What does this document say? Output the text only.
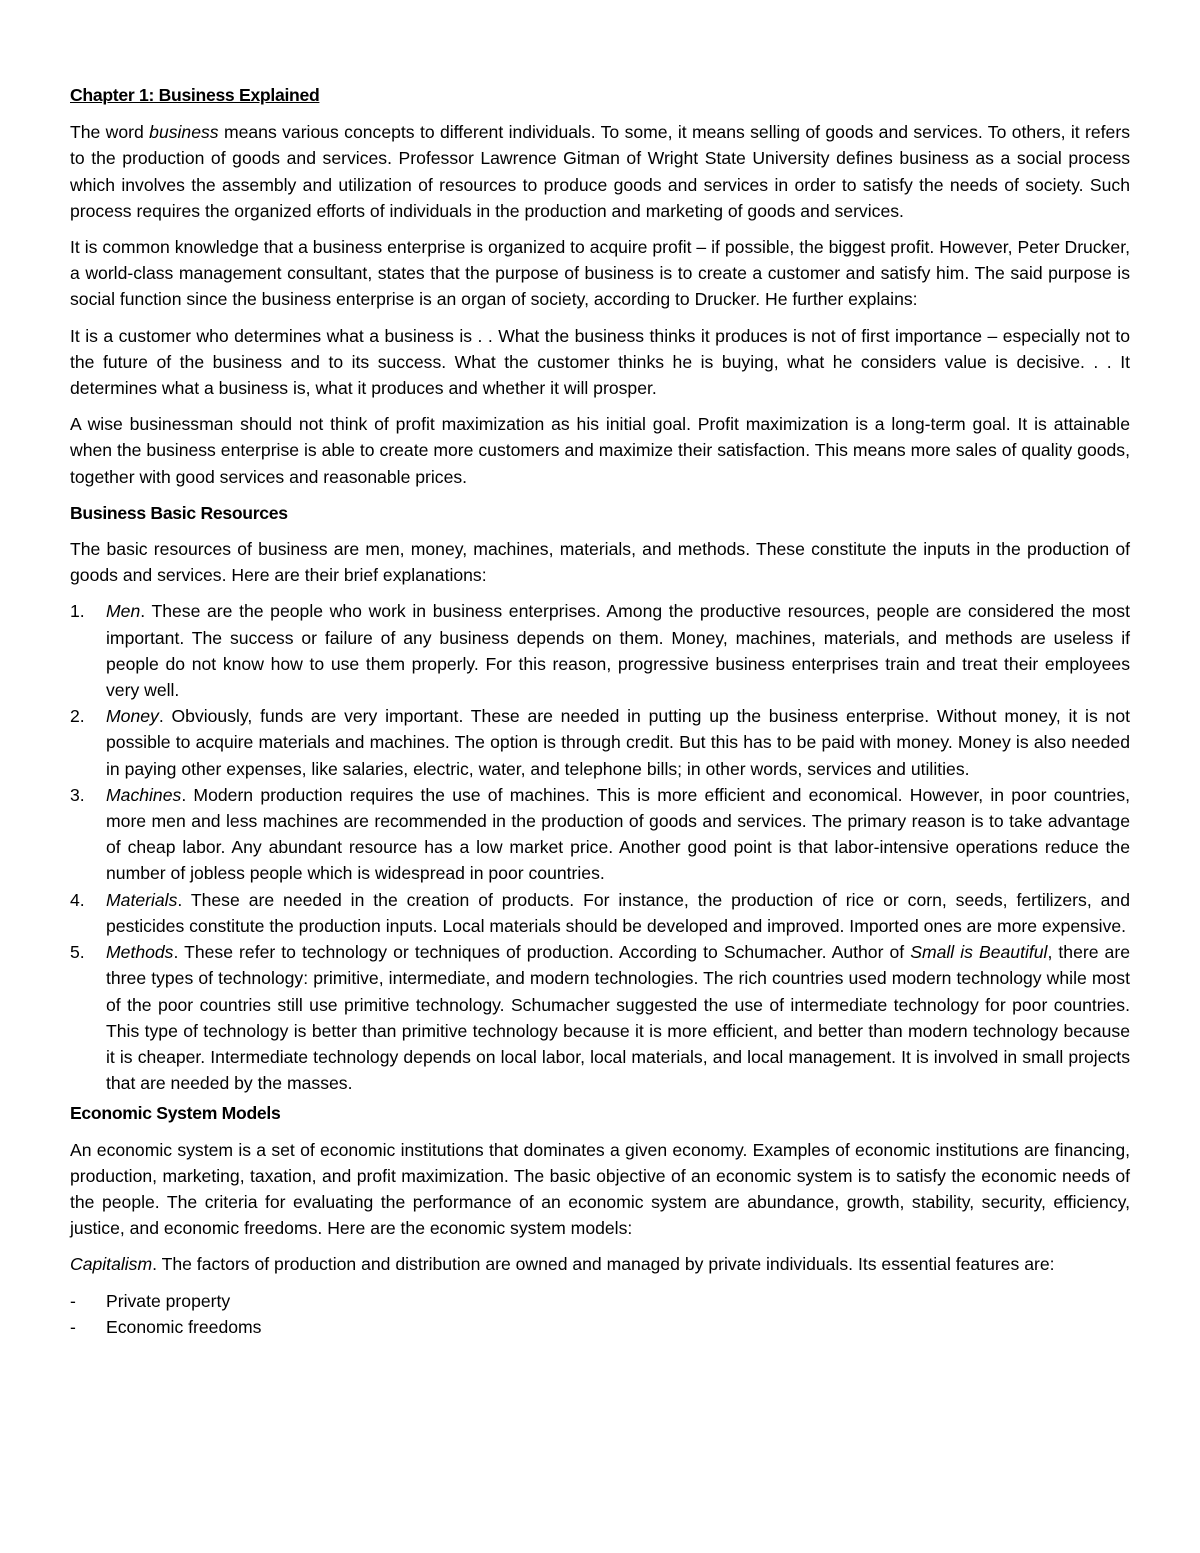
Chapter 1: Business Explained

The word business means various concepts to different individuals. To some, it means selling of goods and services. To others, it refers to the production of goods and services. Professor Lawrence Gitman of Wright State University defines business as a social process which involves the assembly and utilization of resources to produce goods and services in order to satisfy the needs of society. Such process requires the organized efforts of individuals in the production and marketing of goods and services.

It is common knowledge that a business enterprise is organized to acquire profit – if possible, the biggest profit. However, Peter Drucker, a world-class management consultant, states that the purpose of business is to create a customer and satisfy him. The said purpose is social function since the business enterprise is an organ of society, according to Drucker. He further explains:

It is a customer who determines what a business is . . What the business thinks it produces is not of first importance – especially not to the future of the business and to its success. What the customer thinks he is buying, what he considers value is decisive. . . It determines what a business is, what it produces and whether it will prosper.

A wise businessman should not think of profit maximization as his initial goal. Profit maximization is a long-term goal. It is attainable when the business enterprise is able to create more customers and maximize their satisfaction. This means more sales of quality goods, together with good services and reasonable prices.

Business Basic Resources

The basic resources of business are men, money, machines, materials, and methods. These constitute the inputs in the production of goods and services. Here are their brief explanations:

1. Men. These are the people who work in business enterprises. Among the productive resources, people are considered the most important. The success or failure of any business depends on them. Money, machines, materials, and methods are useless if people do not know how to use them properly. For this reason, progressive business enterprises train and treat their employees very well.
2. Money. Obviously, funds are very important. These are needed in putting up the business enterprise. Without money, it is not possible to acquire materials and machines. The option is through credit. But this has to be paid with money. Money is also needed in paying other expenses, like salaries, electric, water, and telephone bills; in other words, services and utilities.
3. Machines. Modern production requires the use of machines. This is more efficient and economical. However, in poor countries, more men and less machines are recommended in the production of goods and services. The primary reason is to take advantage of cheap labor. Any abundant resource has a low market price. Another good point is that labor-intensive operations reduce the number of jobless people which is widespread in poor countries.
4. Materials. These are needed in the creation of products. For instance, the production of rice or corn, seeds, fertilizers, and pesticides constitute the production inputs. Local materials should be developed and improved. Imported ones are more expensive.
5. Methods. These refer to technology or techniques of production. According to Schumacher. Author of Small is Beautiful, there are three types of technology: primitive, intermediate, and modern technologies. The rich countries used modern technology while most of the poor countries still use primitive technology. Schumacher suggested the use of intermediate technology for poor countries. This type of technology is better than primitive technology because it is more efficient, and better than modern technology because it is cheaper. Intermediate technology depends on local labor, local materials, and local management. It is involved in small projects that are needed by the masses.
Economic System Models

An economic system is a set of economic institutions that dominates a given economy. Examples of economic institutions are financing, production, marketing, taxation, and profit maximization. The basic objective of an economic system is to satisfy the economic needs of the people. The criteria for evaluating the performance of an economic system are abundance, growth, stability, security, efficiency, justice, and economic freedoms. Here are the economic system models:

Capitalism. The factors of production and distribution are owned and managed by private individuals. Its essential features are:

- Private property
- Economic freedoms
